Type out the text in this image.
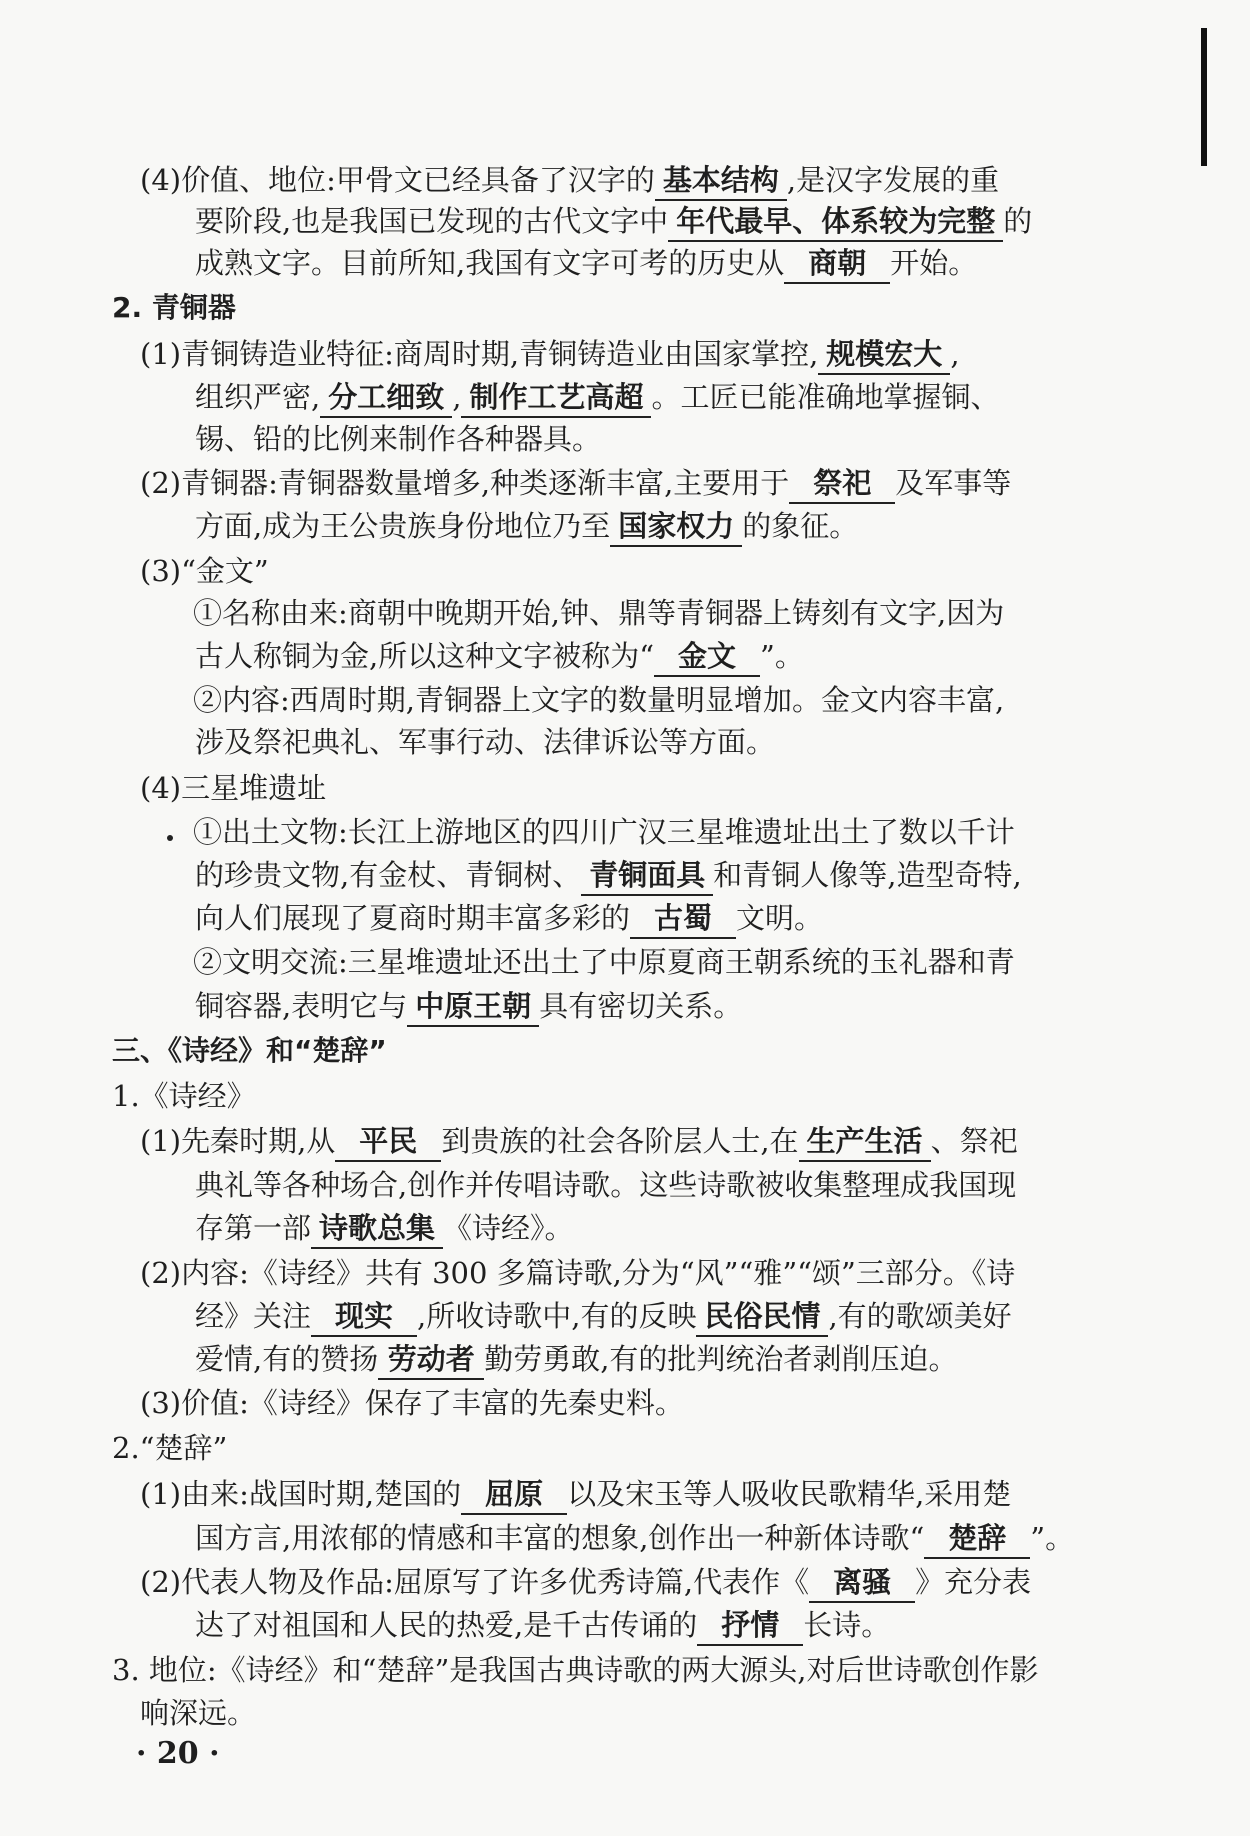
(4)价值、地位:甲骨文已经具备了汉字的 基本结构 ,是汉字发展的重
要阶段,也是我国已发现的古代文字中 年代最早、体系较为完整 的
成熟文字。目前所知,我国有文字可考的历史从 商朝 开始。
2. 青铜器
(1)青铜铸造业特征:商周时期,青铜铸造业由国家掌控, 规模宏大 ,
组织严密, 分工细致 , 制作工艺高超 。工匠已能准确地掌握铜、
锡、铅的比例来制作各种器具。
(2)青铜器:青铜器数量增多,种类逐渐丰富,主要用于 祭祀 及军事等
方面,成为王公贵族身份地位乃至 国家权力 的象征。
(3)“金文”
①名称由来:商朝中晚期开始,钟、鼎等青铜器上铸刻有文字,因为
古人称铜为金,所以这种文字被称为“ 金文 ”。
②内容:西周时期,青铜器上文字的数量明显增加。金文内容丰富,
涉及祭祀典礼、军事行动、法律诉讼等方面。
(4)三星堆遗址
①出土文物:长江上游地区的四川广汉三星堆遗址出土了数以千计
的珍贵文物,有金杖、青铜树、 青铜面具 和青铜人像等,造型奇特,
向人们展现了夏商时期丰富多彩的 古蜀 文明。
②文明交流:三星堆遗址还出土了中原夏商王朝系统的玉礼器和青
铜容器,表明它与 中原王朝 具有密切关系。
三、《诗经》和“楚辞”
1.《诗经》
(1)先秦时期,从 平民 到贵族的社会各阶层人士,在 生产生活 、祭祀
典礼等各种场合,创作并传唱诗歌。这些诗歌被收集整理成我国现
存第一部 诗歌总集 《诗经》。
(2)内容:《诗经》共有 300 多篇诗歌,分为“风”“雅”“颂”三部分。《诗
经》关注 现实 ,所收诗歌中,有的反映 民俗民情 ,有的歌颂美好
爱情,有的赞扬 劳动者 勤劳勇敢,有的批判统治者剥削压迫。
(3)价值:《诗经》保存了丰富的先秦史料。
2.“楚辞”
(1)由来:战国时期,楚国的 屈原 以及宋玉等人吸收民歌精华,采用楚
国方言,用浓郁的情感和丰富的想象,创作出一种新体诗歌“ 楚辞 ”。
(2)代表人物及作品:屈原写了许多优秀诗篇,代表作《 离骚 》充分表
达了对祖国和人民的热爱,是千古传诵的 抒情 长诗。
3. 地位:《诗经》和“楚辞”是我国古典诗歌的两大源头,对后世诗歌创作影
响深远。
· 20 ·
